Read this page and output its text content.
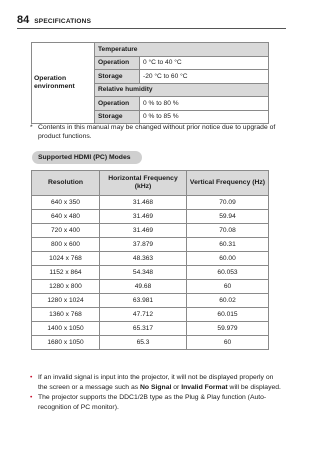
84 SPECIFICATIONS
Operation environment	Temperature	
	Operation	0 °C to 40 °C
	Storage	-20 °C to 60 °C
	Relative humidity	
	Operation	0 % to 80 %
	Storage	0 % to 85 %
* Contents in this manual may be changed without prior notice due to upgrade of product functions.
Supported HDMI (PC) Modes
Resolution	Horizontal Frequency (kHz)	Vertical Frequency (Hz)
640 x 350	31.468	70.09
640 x 480	31.469	59.94
720 x 400	31.469	70.08
800 x 600	37.879	60.31
1024 x 768	48.363	60.00
1152 x 864	54.348	60.053
1280 x 800	49.68	60
1280 x 1024	63.981	60.02
1360 x 768	47.712	60.015
1400 x 1050	65.317	59.979
1680 x 1050	65.3	60
• If an invalid signal is input into the projector, it will not be displayed properly on the screen or a message such as No Signal or Invalid Format will be displayed.
• The projector supports the DDC1/2B type as the Plug & Play function (Auto-recognition of PC monitor).
